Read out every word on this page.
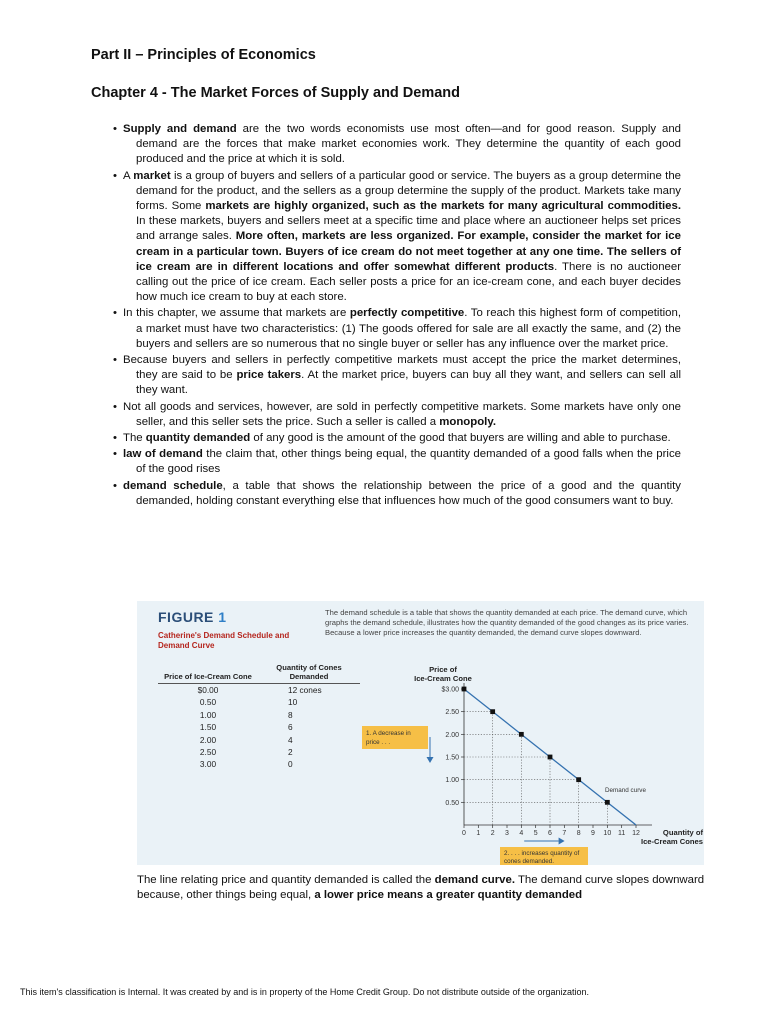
Part II – Principles of Economics
Chapter 4 - The Market Forces of Supply and Demand
• Supply and demand are the two words economists use most often—and for good reason. Supply and demand are the forces that make market economies work. They determine the quantity of each good produced and the price at which it is sold.
• A market is a group of buyers and sellers of a particular good or service. The buyers as a group determine the demand for the product, and the sellers as a group determine the supply of the product. Markets take many forms. Some markets are highly organized, such as the markets for many agricultural commodities. In these markets, buyers and sellers meet at a specific time and place where an auctioneer helps set prices and arrange sales. More often, markets are less organized. For example, consider the market for ice cream in a particular town. Buyers of ice cream do not meet together at any one time. The sellers of ice cream are in different locations and offer somewhat different products. There is no auctioneer calling out the price of ice cream. Each seller posts a price for an ice-cream cone, and each buyer decides how much ice cream to buy at each store.
• In this chapter, we assume that markets are perfectly competitive. To reach this highest form of competition, a market must have two characteristics: (1) The goods offered for sale are all exactly the same, and (2) the buyers and sellers are so numerous that no single buyer or seller has any influence over the market price.
• Because buyers and sellers in perfectly competitive markets must accept the price the market determines, they are said to be price takers. At the market price, buyers can buy all they want, and sellers can sell all they want.
• Not all goods and services, however, are sold in perfectly competitive markets. Some markets have only one seller, and this seller sets the price. Such a seller is called a monopoly.
• The quantity demanded of any good is the amount of the good that buyers are willing and able to purchase.
• law of demand the claim that, other things being equal, the quantity demanded of a good falls when the price of the good rises
• demand schedule, a table that shows the relationship between the price of a good and the quantity demanded, holding constant everything else that influences how much of the good consumers want to buy.
FIGURE 1
Catherine's Demand Schedule and Demand Curve
The demand schedule is a table that shows the quantity demanded at each price. The demand curve, which graphs the demand schedule, illustrates how the quantity demanded of the good changes as its price varies. Because a lower price increases the quantity demanded, the demand curve slopes downward.
Price of Ice-Cream Cone	Quantity of Cones Demanded
$0.00	12 cones
0.50	10
1.00	8
1.50	6
2.00	4
2.50	2
3.00	0
Price of Ice-Cream Cone
Quantity of Ice-Cream Cones
$3.00
2.50
2.00
1.50
1.00
0.50
0 1 2 3 4 5 6 7 8 9 10 11 12
Demand curve
1. A decrease in
price . . .
2. . . . increases quantity of
cones demanded.

The line relating price and quantity demanded is called the demand curve. The demand curve slopes downward because, other things being equal, a lower price means a greater quantity demanded

This item's classification is Internal. It was created by and is in property of the Home Credit Group. Do not distribute outside of the organization.
